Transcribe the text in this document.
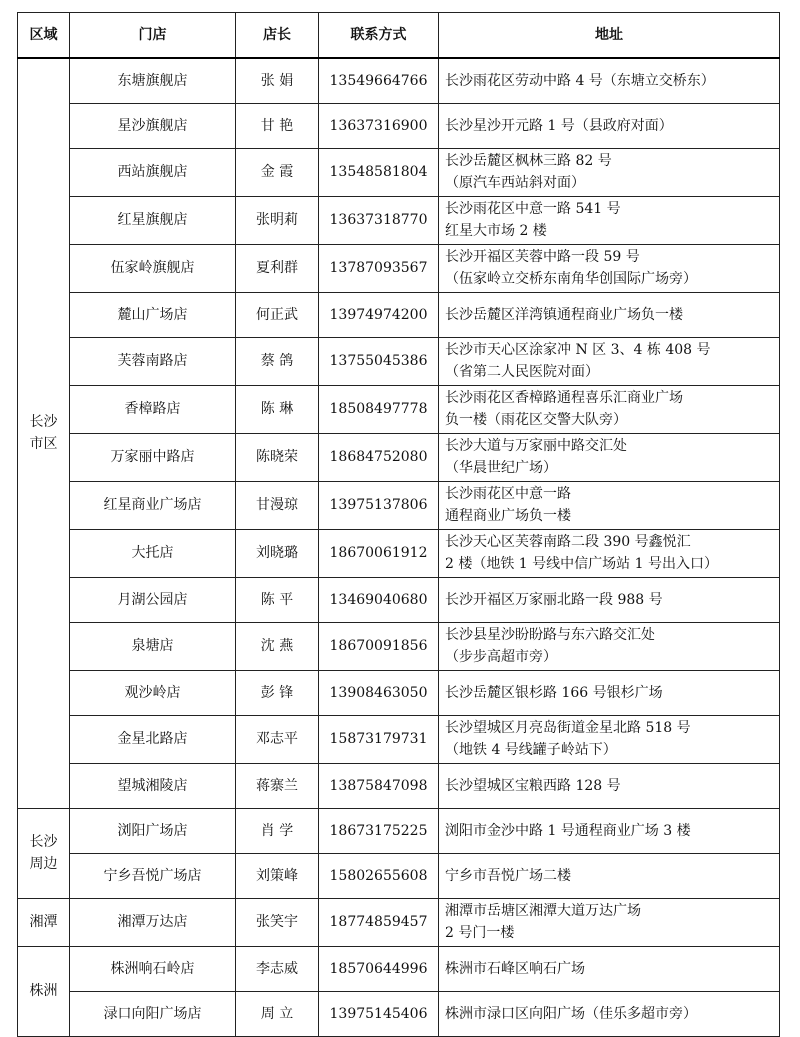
区域	门店	店长	联系方式	地址
长沙市区	东塘旗舰店	张 娟	13549664766	长沙雨花区劳动中路 4 号（东塘立交桥东）

	星沙旗舰店	甘 艳	13637316900	长沙星沙开元路 1 号（县政府对面）

	西站旗舰店	金 霞	13548581804	长沙岳麓区枫林三路 82 号
（原汽车西站斜对面）

	红星旗舰店	张明莉	13637318770	长沙雨花区中意一路 541 号
红星大市场 2 楼

	伍家岭旗舰店	夏利群	13787093567	长沙开福区芙蓉中路一段 59 号
（伍家岭立交桥东南角华创国际广场旁）

	麓山广场店	何正武	13974974200	长沙岳麓区洋湾镇通程商业广场负一楼

	芙蓉南路店	蔡 鸽	13755045386	长沙市天心区涂家冲 N 区 3、4 栋 408 号
（省第二人民医院对面）

	香樟路店	陈 琳	18508497778	长沙雨花区香樟路通程喜乐汇商业广场
负一楼（雨花区交警大队旁）

	万家丽中路店	陈晓荣	18684752080	长沙大道与万家丽中路交汇处
（华晨世纪广场）

	红星商业广场店	甘漫琼	13975137806	长沙雨花区中意一路
通程商业广场负一楼

	大托店	刘晓璐	18670061912	长沙天心区芙蓉南路二段 390 号鑫悦汇
2 楼（地铁 1 号线中信广场站 1 号出入口）

	月湖公园店	陈 平	13469040680	长沙开福区万家丽北路一段 988 号

	泉塘店	沈 燕	18670091856	长沙县星沙盼盼路与东六路交汇处
（步步高超市旁）

	观沙岭店	彭 锋	13908463050	长沙岳麓区银杉路 166 号银杉广场

	金星北路店	邓志平	15873179731	长沙望城区月亮岛街道金星北路 518 号
（地铁 4 号线罐子岭站下）

	望城湘陵店	蒋寨兰	13875847098	长沙望城区宝粮西路 128 号

长沙周边	浏阳广场店	肖 学	18673175225	浏阳市金沙中路 1 号通程商业广场 3 楼

	宁乡吾悦广场店	刘策峰	15802655608	宁乡市吾悦广场二楼

湘潭	湘潭万达店	张笑宇	18774859457	湘潭市岳塘区湘潭大道万达广场
2 号门一楼

株洲	株洲响石岭店	李志威	18570644996	株洲市石峰区响石广场

	渌口向阳广场店	周 立	13975145406	株洲市渌口区向阳广场（佳乐多超市旁）
